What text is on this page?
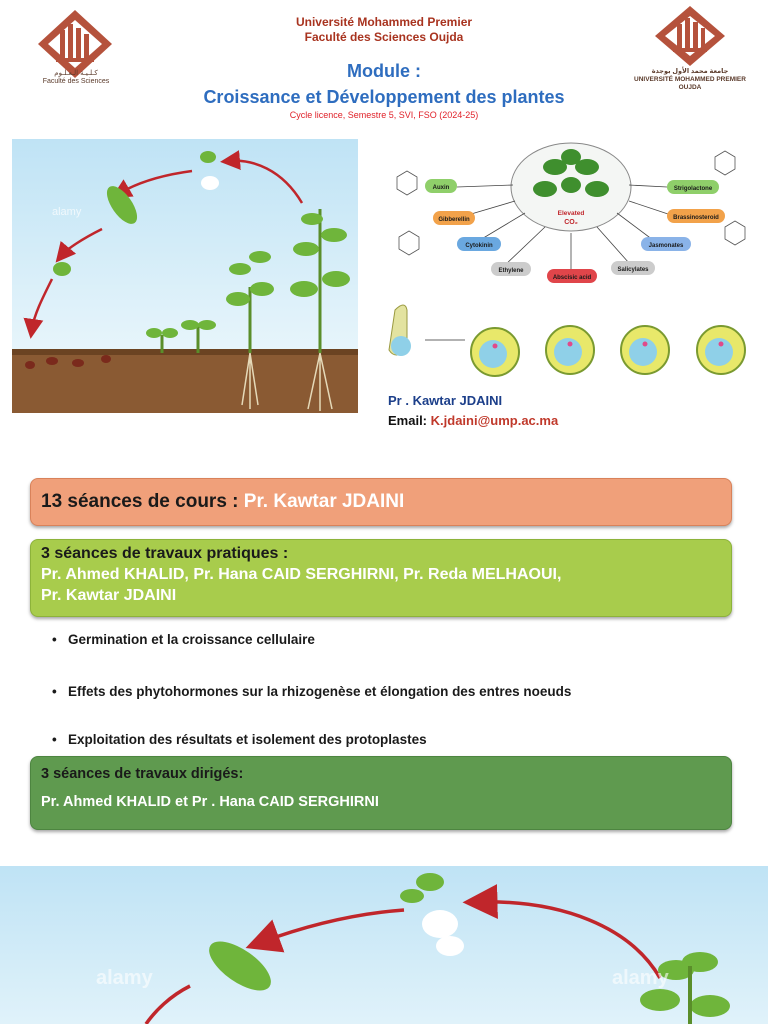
كـلـيـة الـعـلـوم
Faculté des Sciences
جامعة محمد الأول بوجدة
UNIVERSITÉ MOHAMMED PREMIER OUJDA
Université Mohammed Premier
Faculté des Sciences Oujda
Module :
Croissance et Développement des plantes
Cycle licence, Semestre 5, SVI, FSO (2024-25)
alamy	Elevated
CO₂
Auxin
Gibberellin
Cytokinin
Ethylene
Abscisic acid
Salicylates
Jasmonates
Brassinosteroid
Strigolactone
Pr . Kawtar JDAINI
Email: K.jdaini@ump.ac.ma
13 séances de cours : Pr. Kawtar JDAINI
3 séances de travaux pratiques :
Pr. Ahmed KHALID, Pr. Hana CAID SERGHIRNI, Pr. Reda MELHAOUI,
Pr. Kawtar JDAINI
• Germination et la croissance cellulaire
• Effets des phytohormones sur la rhizogenèse et élongation des entres noeuds
• Exploitation des résultats et isolement des protoplastes
3 séances de travaux dirigés:
Pr. Ahmed KHALID et Pr . Hana CAID SERGHIRNI
alamy	alamy
